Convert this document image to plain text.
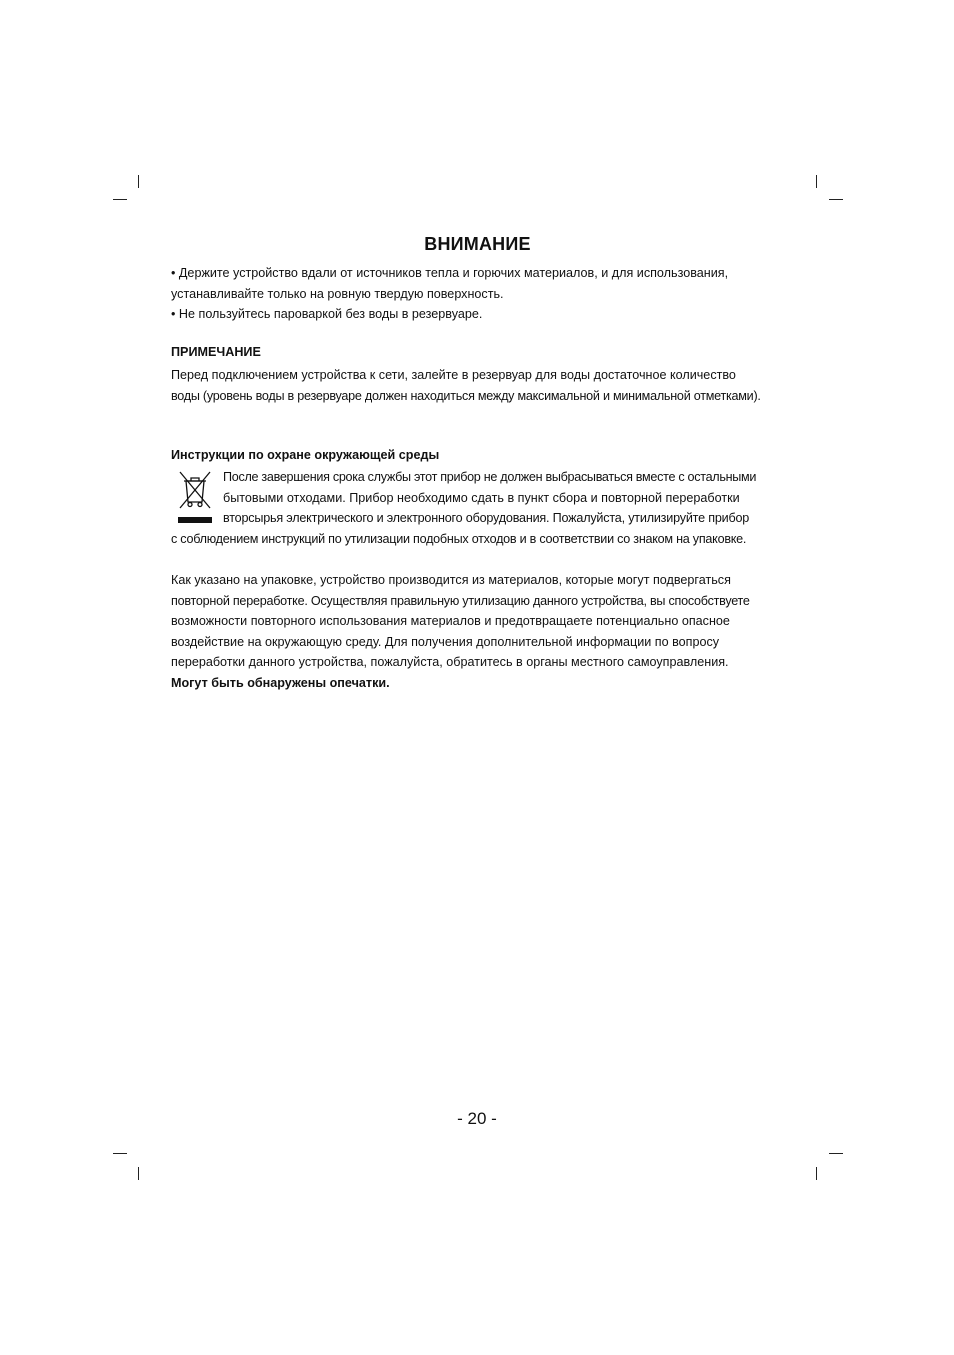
ВНИМАНИЕ
• Держите устройство вдали от источников тепла и горючих материалов, и для использования,
устанавливайте только на ровную твердую поверхность.
• Не пользуйтесь пароваркой без воды в резервуаре.
ПРИМЕЧАНИЕ
Перед подключением устройства к сети, залейте в резервуар для воды достаточное количество
воды (уровень воды в резервуаре должен находиться между максимальной и минимальной отметками).
Инструкции по охране окружающей среды
После завершения срока службы этот прибор не должен выбрасываться вместе с остальными
бытовыми отходами. Прибор необходимо сдать в пункт сбора и повторной переработки
вторсырья электрического и электронного оборудования. Пожалуйста, утилизируйте прибор
с соблюдением инструкций по утилизации подобных отходов и в соответствии со знаком на упаковке.
Как указано на упаковке, устройство производится из материалов, которые могут подвергаться
повторной переработке. Осуществляя правильную утилизацию данного устройства, вы способствуете
возможности повторного использования материалов и предотвращаете потенциально опасное
воздействие на окружающую среду. Для получения дополнительной информации по вопросу
переработки данного устройства, пожалуйста, обратитесь в органы местного самоуправления.
Могут быть обнаружены опечатки.
- 20 -
